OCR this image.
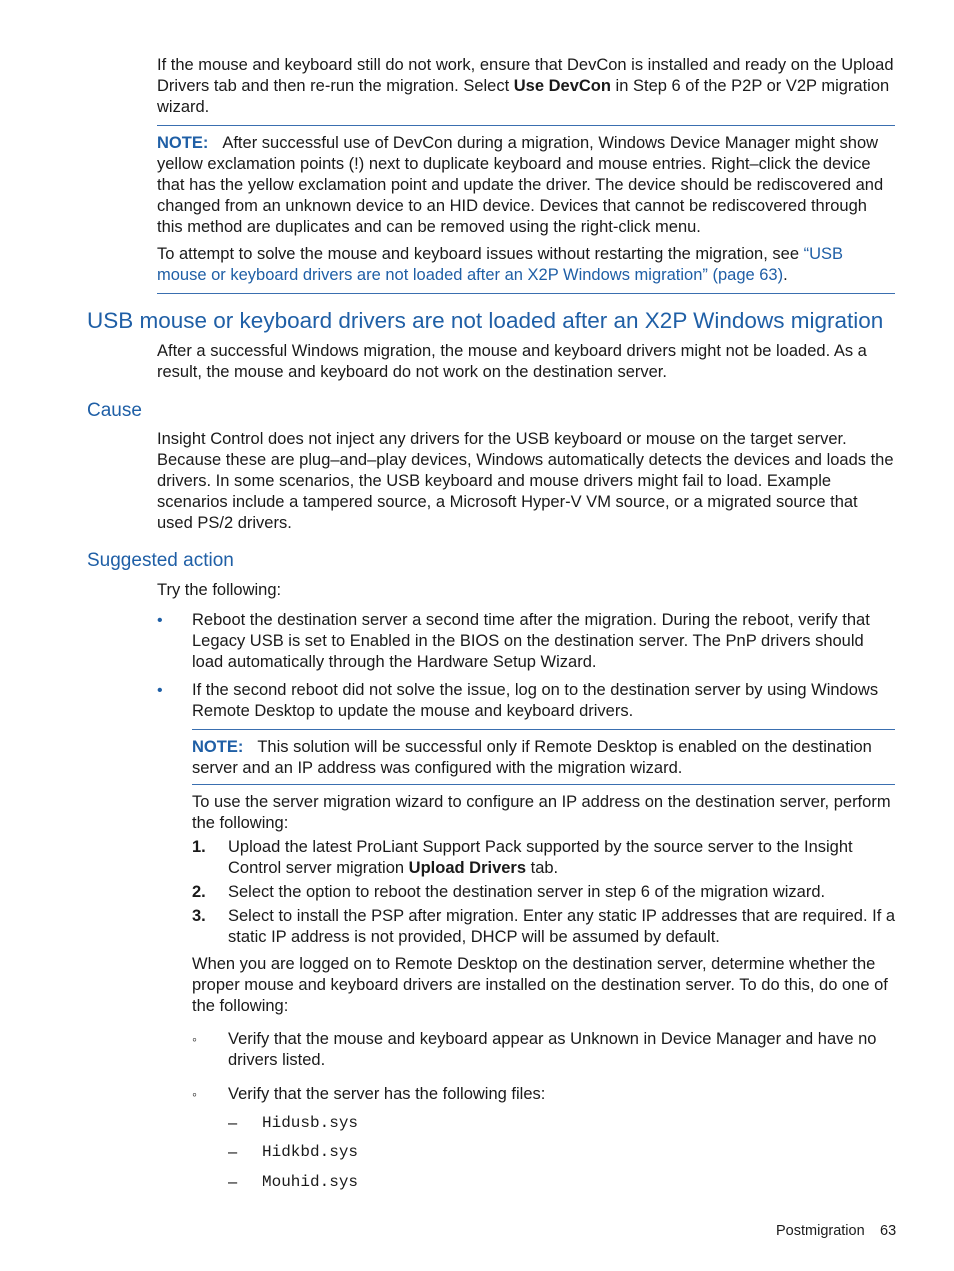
If the mouse and keyboard still do not work, ensure that DevCon is installed and ready on the Upload Drivers tab and then re-run the migration. Select Use DevCon in Step 6 of the P2P or V2P migration wizard.

NOTE: After successful use of DevCon during a migration, Windows Device Manager might show yellow exclamation points (!) next to duplicate keyboard and mouse entries. Right–click the device that has the yellow exclamation point and update the driver. The device should be rediscovered and changed from an unknown device to an HID device. Devices that cannot be rediscovered through this method are duplicates and can be removed using the right-click menu.

To attempt to solve the mouse and keyboard issues without restarting the migration, see “USB mouse or keyboard drivers are not loaded after an X2P Windows migration” (page 63).

USB mouse or keyboard drivers are not loaded after an X2P Windows migration

After a successful Windows migration, the mouse and keyboard drivers might not be loaded. As a result, the mouse and keyboard do not work on the destination server.

Cause

Insight Control does not inject any drivers for the USB keyboard or mouse on the target server. Because these are plug–and–play devices, Windows automatically detects the devices and loads the drivers. In some scenarios, the USB keyboard and mouse drivers might fail to load. Example scenarios include a tampered source, a Microsoft Hyper-V VM source, or a migrated source that used PS/2 drivers.

Suggested action

Try the following:

• Reboot the destination server a second time after the migration. During the reboot, verify that Legacy USB is set to Enabled in the BIOS on the destination server. The PnP drivers should load automatically through the Hardware Setup Wizard.

• If the second reboot did not solve the issue, log on to the destination server by using Windows Remote Desktop to update the mouse and keyboard drivers.

NOTE: This solution will be successful only if Remote Desktop is enabled on the destination server and an IP address was configured with the migration wizard.

To use the server migration wizard to configure an IP address on the destination server, perform the following:

1. Upload the latest ProLiant Support Pack supported by the source server to the Insight Control server migration Upload Drivers tab.

2. Select the option to reboot the destination server in step 6 of the migration wizard.

3. Select to install the PSP after migration. Enter any static IP addresses that are required. If a static IP address is not provided, DHCP will be assumed by default.

When you are logged on to Remote Desktop on the destination server, determine whether the proper mouse and keyboard drivers are installed on the destination server. To do this, do one of the following:

◦ Verify that the mouse and keyboard appear as Unknown in Device Manager and have no drivers listed.

◦ Verify that the server has the following files:

– Hidusb.sys
– Hidkbd.sys
– Mouhid.sys
Postmigration 63
